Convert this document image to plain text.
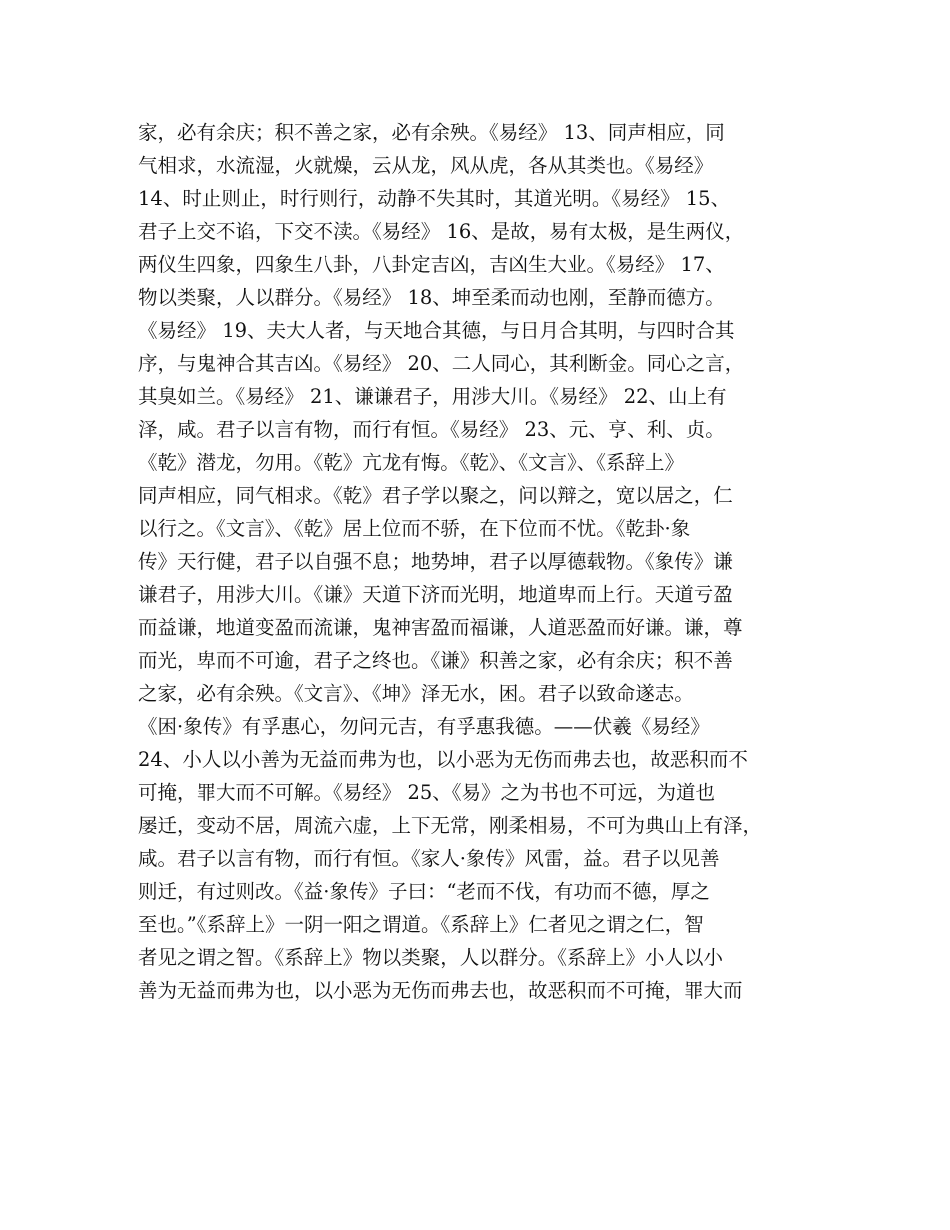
家，必有余庆；积不善之家，必有余殃。《易经》 13、同声相应，同
气相求，水流湿，火就燥，云从龙，风从虎，各从其类也。《易经》
14、时止则止，时行则行，动静不失其时，其道光明。《易经》 15、
君子上交不谄，下交不渎。《易经》 16、是故，易有太极，是生两仪，
两仪生四象，四象生八卦，八卦定吉凶，吉凶生大业。《易经》 17、
物以类聚，人以群分。《易经》 18、坤至柔而动也刚，至静而德方。
《易经》 19、夫大人者，与天地合其德，与日月合其明，与四时合其
序，与鬼神合其吉凶。《易经》 20、二人同心，其利断金。同心之言，
其臭如兰。《易经》 21、谦谦君子，用涉大川。《易经》 22、山上有
泽，咸。君子以言有物，而行有恒。《易经》 23、元、亨、利、贞。
《乾》潜龙，勿用。《乾》亢龙有悔。《乾》、《文言》、《系辞上》
同声相应，同气相求。《乾》君子学以聚之，问以辩之，宽以居之，仁
以行之。《文言》、《乾》居上位而不骄，在下位而不忧。《乾卦·象
传》天行健，君子以自强不息；地势坤，君子以厚德载物。《象传》谦
谦君子，用涉大川。《谦》天道下济而光明，地道卑而上行。天道亏盈
而益谦，地道变盈而流谦，鬼神害盈而福谦，人道恶盈而好谦。谦，尊
而光，卑而不可逾，君子之终也。《谦》积善之家，必有余庆；积不善
之家，必有余殃。《文言》、《坤》泽无水，困。君子以致命遂志。
《困·象传》有孚惠心，勿问元吉，有孚惠我德。——伏羲《易经》
24、小人以小善为无益而弗为也，以小恶为无伤而弗去也，故恶积而不
可掩，罪大而不可解。《易经》 25、《易》之为书也不可远，为道也
屡迁，变动不居，周流六虚，上下无常，刚柔相易，不可为典山上有泽，
咸。君子以言有物，而行有恒。《家人·象传》风雷，益。君子以见善
则迁，有过则改。《益·象传》子曰：“老而不伐，有功而不德，厚之
至也。”《系辞上》一阴一阳之谓道。《系辞上》仁者见之谓之仁，智
者见之谓之智。《系辞上》物以类聚，人以群分。《系辞上》小人以小
善为无益而弗为也，以小恶为无伤而弗去也，故恶积而不可掩，罪大而
